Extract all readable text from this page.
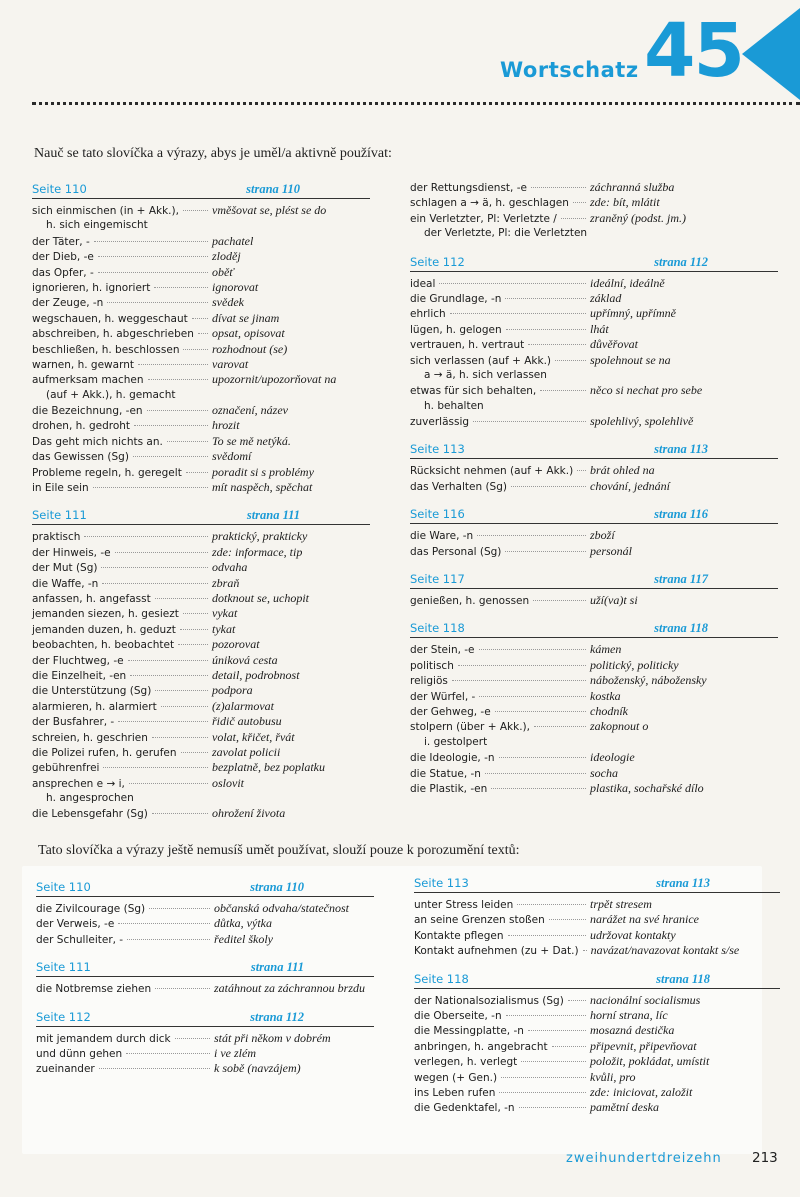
Wortschatz 45
Nauč se tato slovíčka a výrazy, abys je uměl/a aktivně používat:
Seite 110	strana 110
sich einmischen (in + Akk.),	vměšovat se, plést se do
h. sich eingemischt
der Täter, -	pachatel
der Dieb, -e	zloděj
das Opfer, -	oběť
ignorieren, h. ignoriert	ignorovat
der Zeuge, -n	svědek
wegschauen, h. weggeschaut dívat se jinam
abschreiben, h. abgeschrieben opsat, opisovat
beschließen, h. beschlossen	rozhodnout (se)
warnen, h. gewarnt	varovat
aufmerksam machen	upozornit/upozorňovat na
(auf + Akk.), h. gemacht
die Bezeichnung, -en	označení, název
drohen, h. gedroht	hrozit
Das geht mich nichts an.	To se mě netýká.
das Gewissen (Sg)	svědomí
Probleme regeln, h. geregelt	poradit si s problémy
in Eile sein	mít naspěch, spěchat
Seite 111	strana 111
praktisch	praktický, prakticky
der Hinweis, -e	zde: informace, tip
der Mut (Sg)	odvaha
die Waffe, -n	zbraň
anfassen, h. angefasst	dotknout se, uchopit
jemanden siezen, h. gesiezt	vykat
jemanden duzen, h. geduzt	tykat
beobachten, h. beobachtet	pozorovat
der Fluchtweg, -e	úniková cesta
die Einzelheit, -en	detail, podrobnost
die Unterstützung (Sg)	podpora
alarmieren, h. alarmiert	(z)alarmovat
der Busfahrer, -	řidič autobusu
schreien, h. geschrien	volat, křičet, řvát
die Polizei rufen, h. gerufen	zavolat policii
gebührenfrei	bezplatně, bez poplatku
ansprechen e → i,	oslovit
h. angesprochen
die Lebensgefahr (Sg)	ohrožení života
der Rettungsdienst, -e	záchranná služba
schlagen a → ä, h. geschlagen zde: bít, mlátit
ein Verletzter, Pl: Verletzte /	zraněný (podst. jm.)
der Verletzte, Pl: die Verletzten
Seite 112	strana 112
ideal	ideální, ideálně
die Grundlage, -n	základ
ehrlich	upřímný, upřímně
lügen, h. gelogen	lhát
vertrauen, h. vertraut	důvěřovat
sich verlassen (auf + Akk.)	spolehnout se na
a → ä, h. sich verlassen
etwas für sich behalten,	něco si nechat pro sebe
h. behalten
zuverlässig	spolehlivý, spolehlivě
Seite 113	strana 113
Rücksicht nehmen (auf + Akk.) brát ohled na
das Verhalten (Sg)	chování, jednání
Seite 116	strana 116
die Ware, -n	zboží
das Personal (Sg)	personál
Seite 117	strana 117
genießen, h. genossen	uží(va)t si
Seite 118	strana 118
der Stein, -e	kámen
politisch	politický, politicky
religiös	náboženský, nábožensky
der Würfel, -	kostka
der Gehweg, -e	chodník
stolpern (über + Akk.),	zakopnout o
i. gestolpert
die Ideologie, -n	ideologie
die Statue, -n	socha
die Plastik, -en	plastika, sochařské dílo
Tato slovíčka a výrazy ještě nemusíš umět používat, slouží pouze k porozumění textů:
Seite 110	strana 110
die Zivilcourage (Sg)	občanská odvaha/statečnost
der Verweis, -e	důtka, výtka
der Schulleiter, -	ředitel školy
Seite 111	strana 111
die Notbremse ziehen	zatáhnout za záchrannou brzdu
Seite 112	strana 112
mit jemandem durch dick	stát při někom v dobrém
und dünn gehen	i ve zlém
zueinander	k sobě (navzájem)
Seite 113	strana 113
unter Stress leiden	trpět stresem
an seine Grenzen stoßen	narážet na své hranice
Kontakte pflegen	udržovat kontakty
Kontakt aufnehmen (zu + Dat.) navázat/navazovat kontakt s/se
Seite 118	strana 118
der Nationalsozialismus (Sg) nacionální socialismus
die Oberseite, -n	horní strana, líc
die Messingplatte, -n	mosazná destička
anbringen, h. angebracht	připevnit, připevňovat
verlegen, h. verlegt	položit, pokládat, umístit
wegen (+ Gen.)	kvůli, pro
ins Leben rufen	zde: iniciovat, založit
die Gedenktafel, -n	pamětní deska
zweihundertdreizehn 213
